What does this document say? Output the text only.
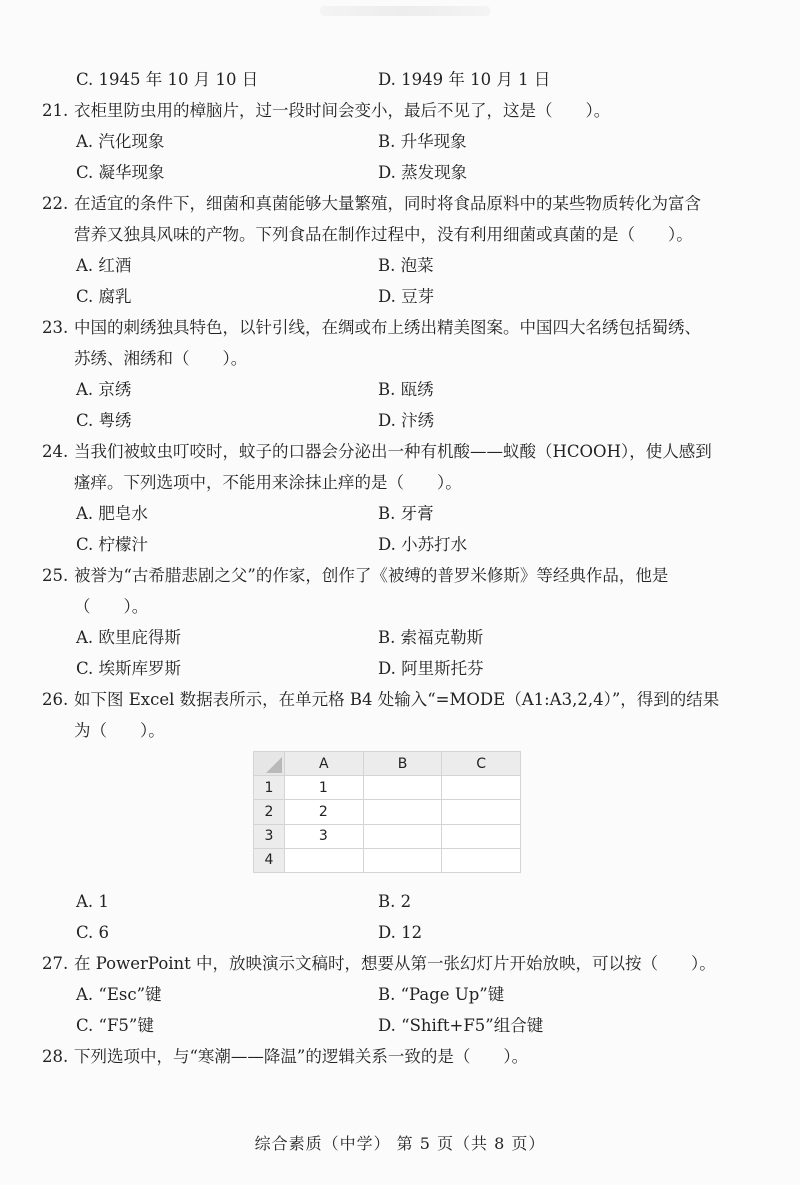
C. 1945 年 10 月 10 日	D. 1949 年 10 月 1 日
21. 衣柜里防虫用的樟脑片，过一段时间会变小，最后不见了，这是（　　）。
A. 汽化现象	B. 升华现象
C. 凝华现象	D. 蒸发现象
22. 在适宜的条件下，细菌和真菌能够大量繁殖，同时将食品原料中的某些物质转化为富含
营养又独具风味的产物。下列食品在制作过程中，没有利用细菌或真菌的是（　　）。
A. 红酒	B. 泡菜
C. 腐乳	D. 豆芽
23. 中国的刺绣独具特色，以针引线，在绸或布上绣出精美图案。中国四大名绣包括蜀绣、
苏绣、湘绣和（　　）。
A. 京绣	B. 瓯绣
C. 粤绣	D. 汴绣
24. 当我们被蚊虫叮咬时，蚊子的口器会分泌出一种有机酸——蚁酸（HCOOH），使人感到
瘙痒。下列选项中，不能用来涂抹止痒的是（　　）。
A. 肥皂水	B. 牙膏
C. 柠檬汁	D. 小苏打水
25. 被誉为“古希腊悲剧之父”的作家，创作了《被缚的普罗米修斯》等经典作品，他是
（　　）。
A. 欧里庇得斯	B. 索福克勒斯
C. 埃斯库罗斯	D. 阿里斯托芬
26. 如下图 Excel 数据表所示，在单元格 B4 处输入“=MODE（A1:A3,2,4）”，得到的结果
为（　　）。
	A	B	C
1	1		
2	2		
3	3		
4			
A. 1	B. 2
C. 6	D. 12
27. 在 PowerPoint 中，放映演示文稿时，想要从第一张幻灯片开始放映，可以按（　　）。
A. “Esc”键	B. “Page Up”键
C. “F5”键	D. “Shift+F5”组合键
28. 下列选项中，与“寒潮——降温”的逻辑关系一致的是（　　）。
综合素质（中学） 第 5 页（共 8 页）
